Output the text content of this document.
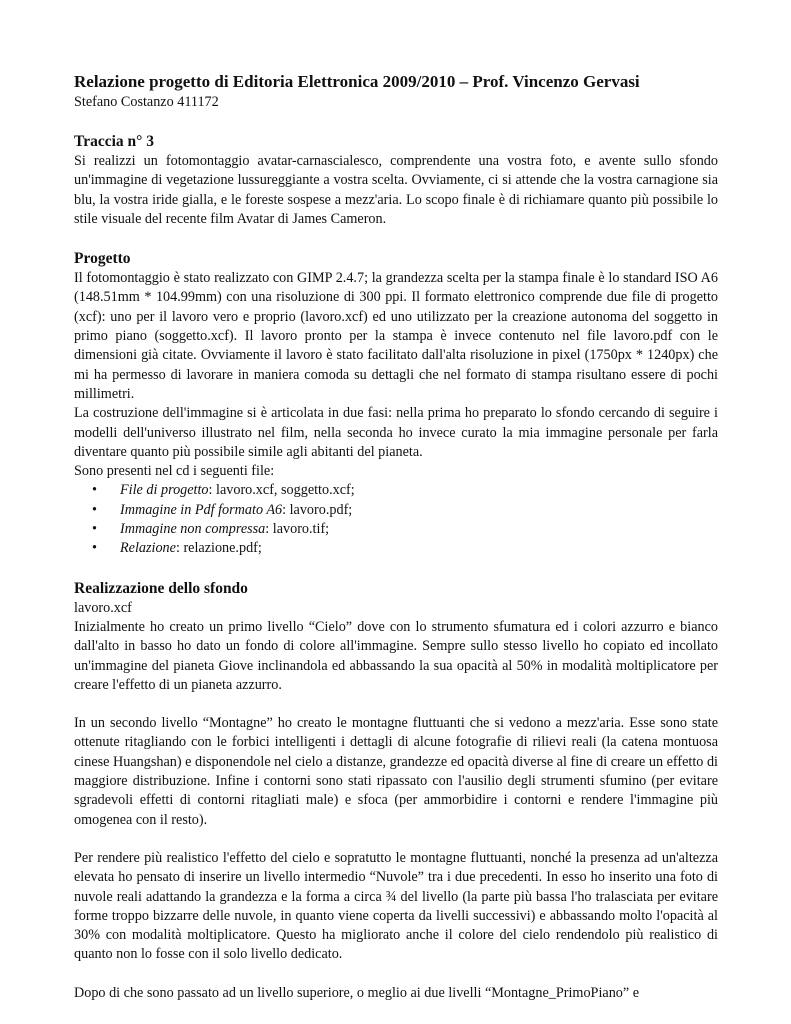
Relazione progetto di Editoria Elettronica 2009/2010 – Prof. Vincenzo Gervasi

Stefano Costanzo 411172

Traccia n° 3

Si realizzi un fotomontaggio avatar-carnascialesco, comprendente una vostra foto, e avente sullo sfondo un'immagine di vegetazione lussureggiante a vostra scelta. Ovviamente, ci si attende che la vostra carnagione sia blu, la vostra iride gialla, e le foreste sospese a mezz'aria. Lo scopo finale è di richiamare quanto più possibile lo stile visuale del recente film Avatar di James Cameron.

Progetto

Il fotomontaggio è stato realizzato con GIMP 2.4.7; la grandezza scelta per la stampa finale è lo standard ISO A6 (148.51mm * 104.99mm) con una risoluzione di 300 ppi. Il formato elettronico comprende due file di progetto (xcf): uno per il lavoro vero e proprio (lavoro.xcf) ed uno utilizzato per la creazione autonoma del soggetto in primo piano (soggetto.xcf). Il lavoro pronto per la stampa è invece contenuto nel file lavoro.pdf con le dimensioni già citate. Ovviamente il lavoro è stato facilitato dall'alta risoluzione in pixel (1750px * 1240px) che mi ha permesso di lavorare in maniera comoda su dettagli che nel formato di stampa risultano essere di pochi millimetri.

La costruzione dell'immagine si è articolata in due fasi: nella prima ho preparato lo sfondo cercando di seguire i modelli dell'universo illustrato nel film, nella seconda ho invece curato la mia immagine personale per farla diventare quanto più possibile simile agli abitanti del pianeta.

Sono presenti nel cd i seguenti file:

• File di progetto: lavoro.xcf, soggetto.xcf;
• Immagine in Pdf formato A6: lavoro.pdf;
• Immagine non compressa: lavoro.tif;
• Relazione: relazione.pdf;

Realizzazione dello sfondo

lavoro.xcf

Inizialmente ho creato un primo livello “Cielo” dove con lo strumento sfumatura ed i colori azzurro e bianco dall'alto in basso ho dato un fondo di colore all'immagine. Sempre sullo stesso livello ho copiato ed incollato un'immagine del pianeta Giove inclinandola ed abbassando la sua opacità al 50% in modalità moltiplicatore per creare l'effetto di un pianeta azzurro.

In un secondo livello “Montagne” ho creato le montagne fluttuanti che si vedono a mezz'aria. Esse sono state ottenute ritagliando con le forbici intelligenti i dettagli di alcune fotografie di rilievi reali (la catena montuosa cinese Huangshan) e disponendole nel cielo a distanze, grandezze ed opacità diverse al fine di creare un effetto di maggiore distribuzione. Infine i contorni sono stati ripassato con l'ausilio degli strumenti sfumino (per evitare sgradevoli effetti di contorni ritagliati male) e sfoca (per ammorbidire i contorni e rendere l'immagine più omogenea con il resto).

Per rendere più realistico l'effetto del cielo e sopratutto le montagne fluttuanti, nonché la presenza ad un'altezza elevata ho pensato di inserire un livello intermedio “Nuvole” tra i due precedenti. In esso ho inserito una foto di nuvole reali adattando la grandezza e la forma a circa ¾ del livello (la parte più bassa l'ho tralasciata per evitare forme troppo bizzarre delle nuvole, in quanto viene coperta da livelli successivi) e abbassando molto l'opacità al 30% con modalità moltiplicatore. Questo ha migliorato anche il colore del cielo rendendolo più realistico di quanto non lo fosse con il solo livello dedicato.

Dopo di che sono passato ad un livello superiore, o meglio ai due livelli “Montagne_PrimoPiano” e
